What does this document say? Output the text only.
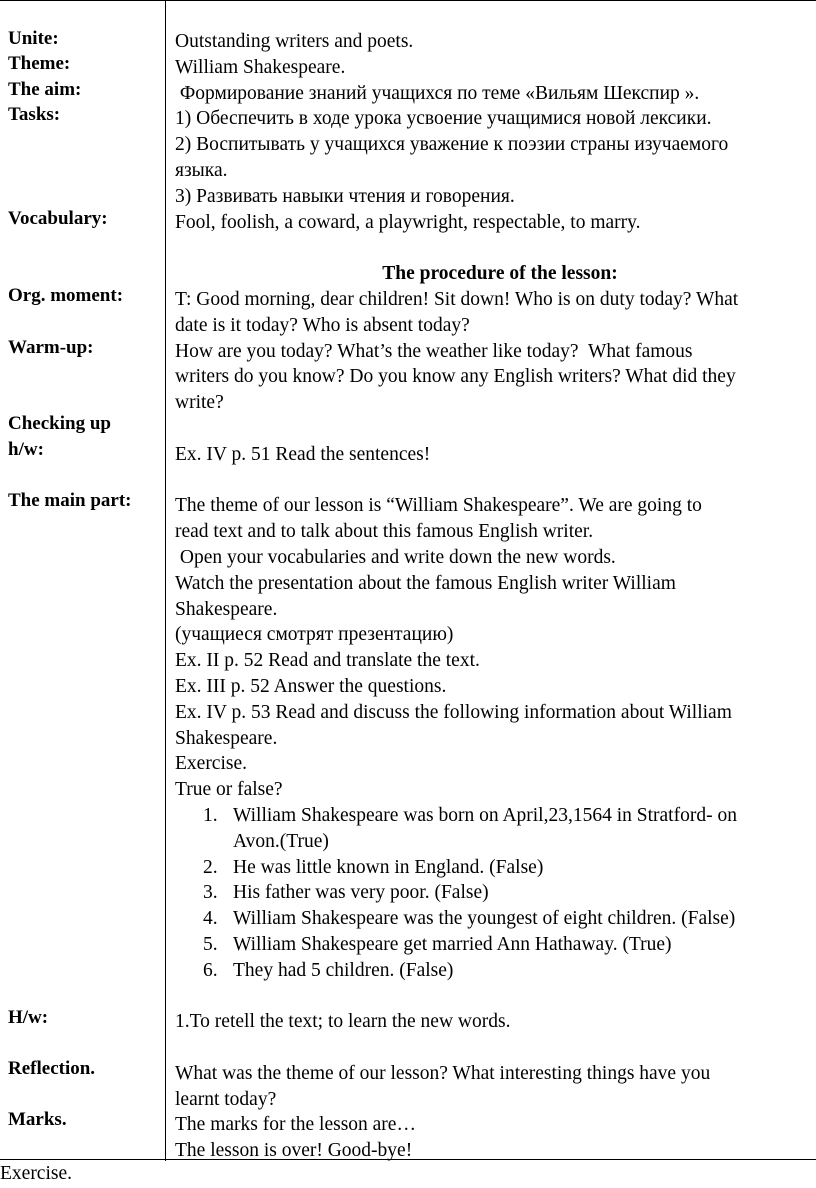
Unite:
Theme:
The aim:
Tasks:
Vocabulary:
Org. moment:
Warm-up:
Checking up
h/w:
The main part:
H/w:
Reflection.
Marks.
Outstanding writers and poets.
William Shakespeare.
Формирование знаний учащихся по теме «Вильям Шекспир ».
1) Обеспечить в ходе урока усвоение учащимися новой лексики.
2) Воспитывать у учащихся уважение к поэзии страны изучаемого
языка.
3) Развивать навыки чтения и говорения.
Fool, foolish, a coward, a playwright, respectable, to marry.
The procedure of the lesson:
T: Good morning, dear children! Sit down! Who is on duty today? What
date is it today? Who is absent today?
How are you today? What’s the weather like today?  What famous
writers do you know? Do you know any English writers? What did they
write?
Ex. IV p. 51 Read the sentences!
The theme of our lesson is “William Shakespeare”. We are going to
read text and to talk about this famous English writer.
Open your vocabularies and write down the new words.
Watch the presentation about the famous English writer William
Shakespeare.
(учащиеся смотрят презентацию)
Ex. II p. 52 Read and translate the text.
Ex. III p. 52 Answer the questions.
Ex. IV p. 53 Read and discuss the following information about William
Shakespeare.
Exercise.
True or false?
1. William Shakespeare was born on April,23,1564 in Stratford- on
Avon.(True)
2. He was little known in England. (False)
3. His father was very poor. (False)
4. William Shakespeare was the youngest of eight children. (False)
5. William Shakespeare get married Ann Hathaway. (True)
6. They had 5 children. (False)
1.To retell the text; to learn the new words.
What was the theme of our lesson? What interesting things have you
learnt today?
The marks for the lesson are…
The lesson is over! Good-bye!
Exercise.
